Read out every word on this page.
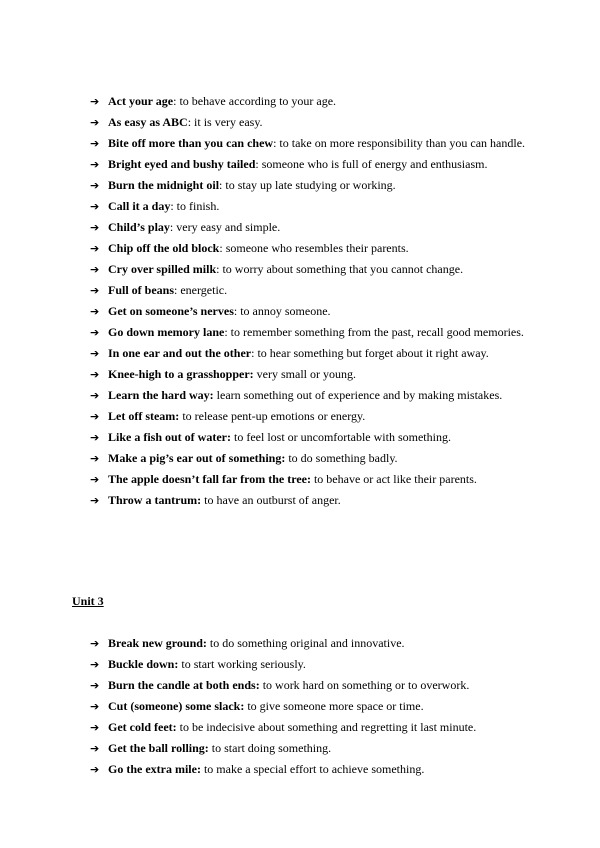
➔ Act your age: to behave according to your age.
➔ As easy as ABC: it is very easy.
➔ Bite off more than you can chew: to take on more responsibility than you can handle.
➔ Bright eyed and bushy tailed: someone who is full of energy and enthusiasm.
➔ Burn the midnight oil: to stay up late studying or working.
➔ Call it a day: to finish.
➔ Child’s play: very easy and simple.
➔ Chip off the old block: someone who resembles their parents.
➔ Cry over spilled milk: to worry about something that you cannot change.
➔ Full of beans: energetic.
➔ Get on someone’s nerves: to annoy someone.
➔ Go down memory lane: to remember something from the past, recall good memories.
➔ In one ear and out the other: to hear something but forget about it right away.
➔ Knee-high to a grasshopper: very small or young.
➔ Learn the hard way: learn something out of experience and by making mistakes.
➔ Let off steam: to release pent-up emotions or energy.
➔ Like a fish out of water: to feel lost or uncomfortable with something.
➔ Make a pig’s ear out of something: to do something badly.
➔ The apple doesn’t fall far from the tree: to behave or act like their parents.
➔ Throw a tantrum: to have an outburst of anger.
Unit 3
➔ Break new ground: to do something original and innovative.
➔ Buckle down: to start working seriously.
➔ Burn the candle at both ends: to work hard on something or to overwork.
➔ Cut (someone) some slack: to give someone more space or time.
➔ Get cold feet: to be indecisive about something and regretting it last minute.
➔ Get the ball rolling: to start doing something.
➔ Go the extra mile: to make a special effort to achieve something.
